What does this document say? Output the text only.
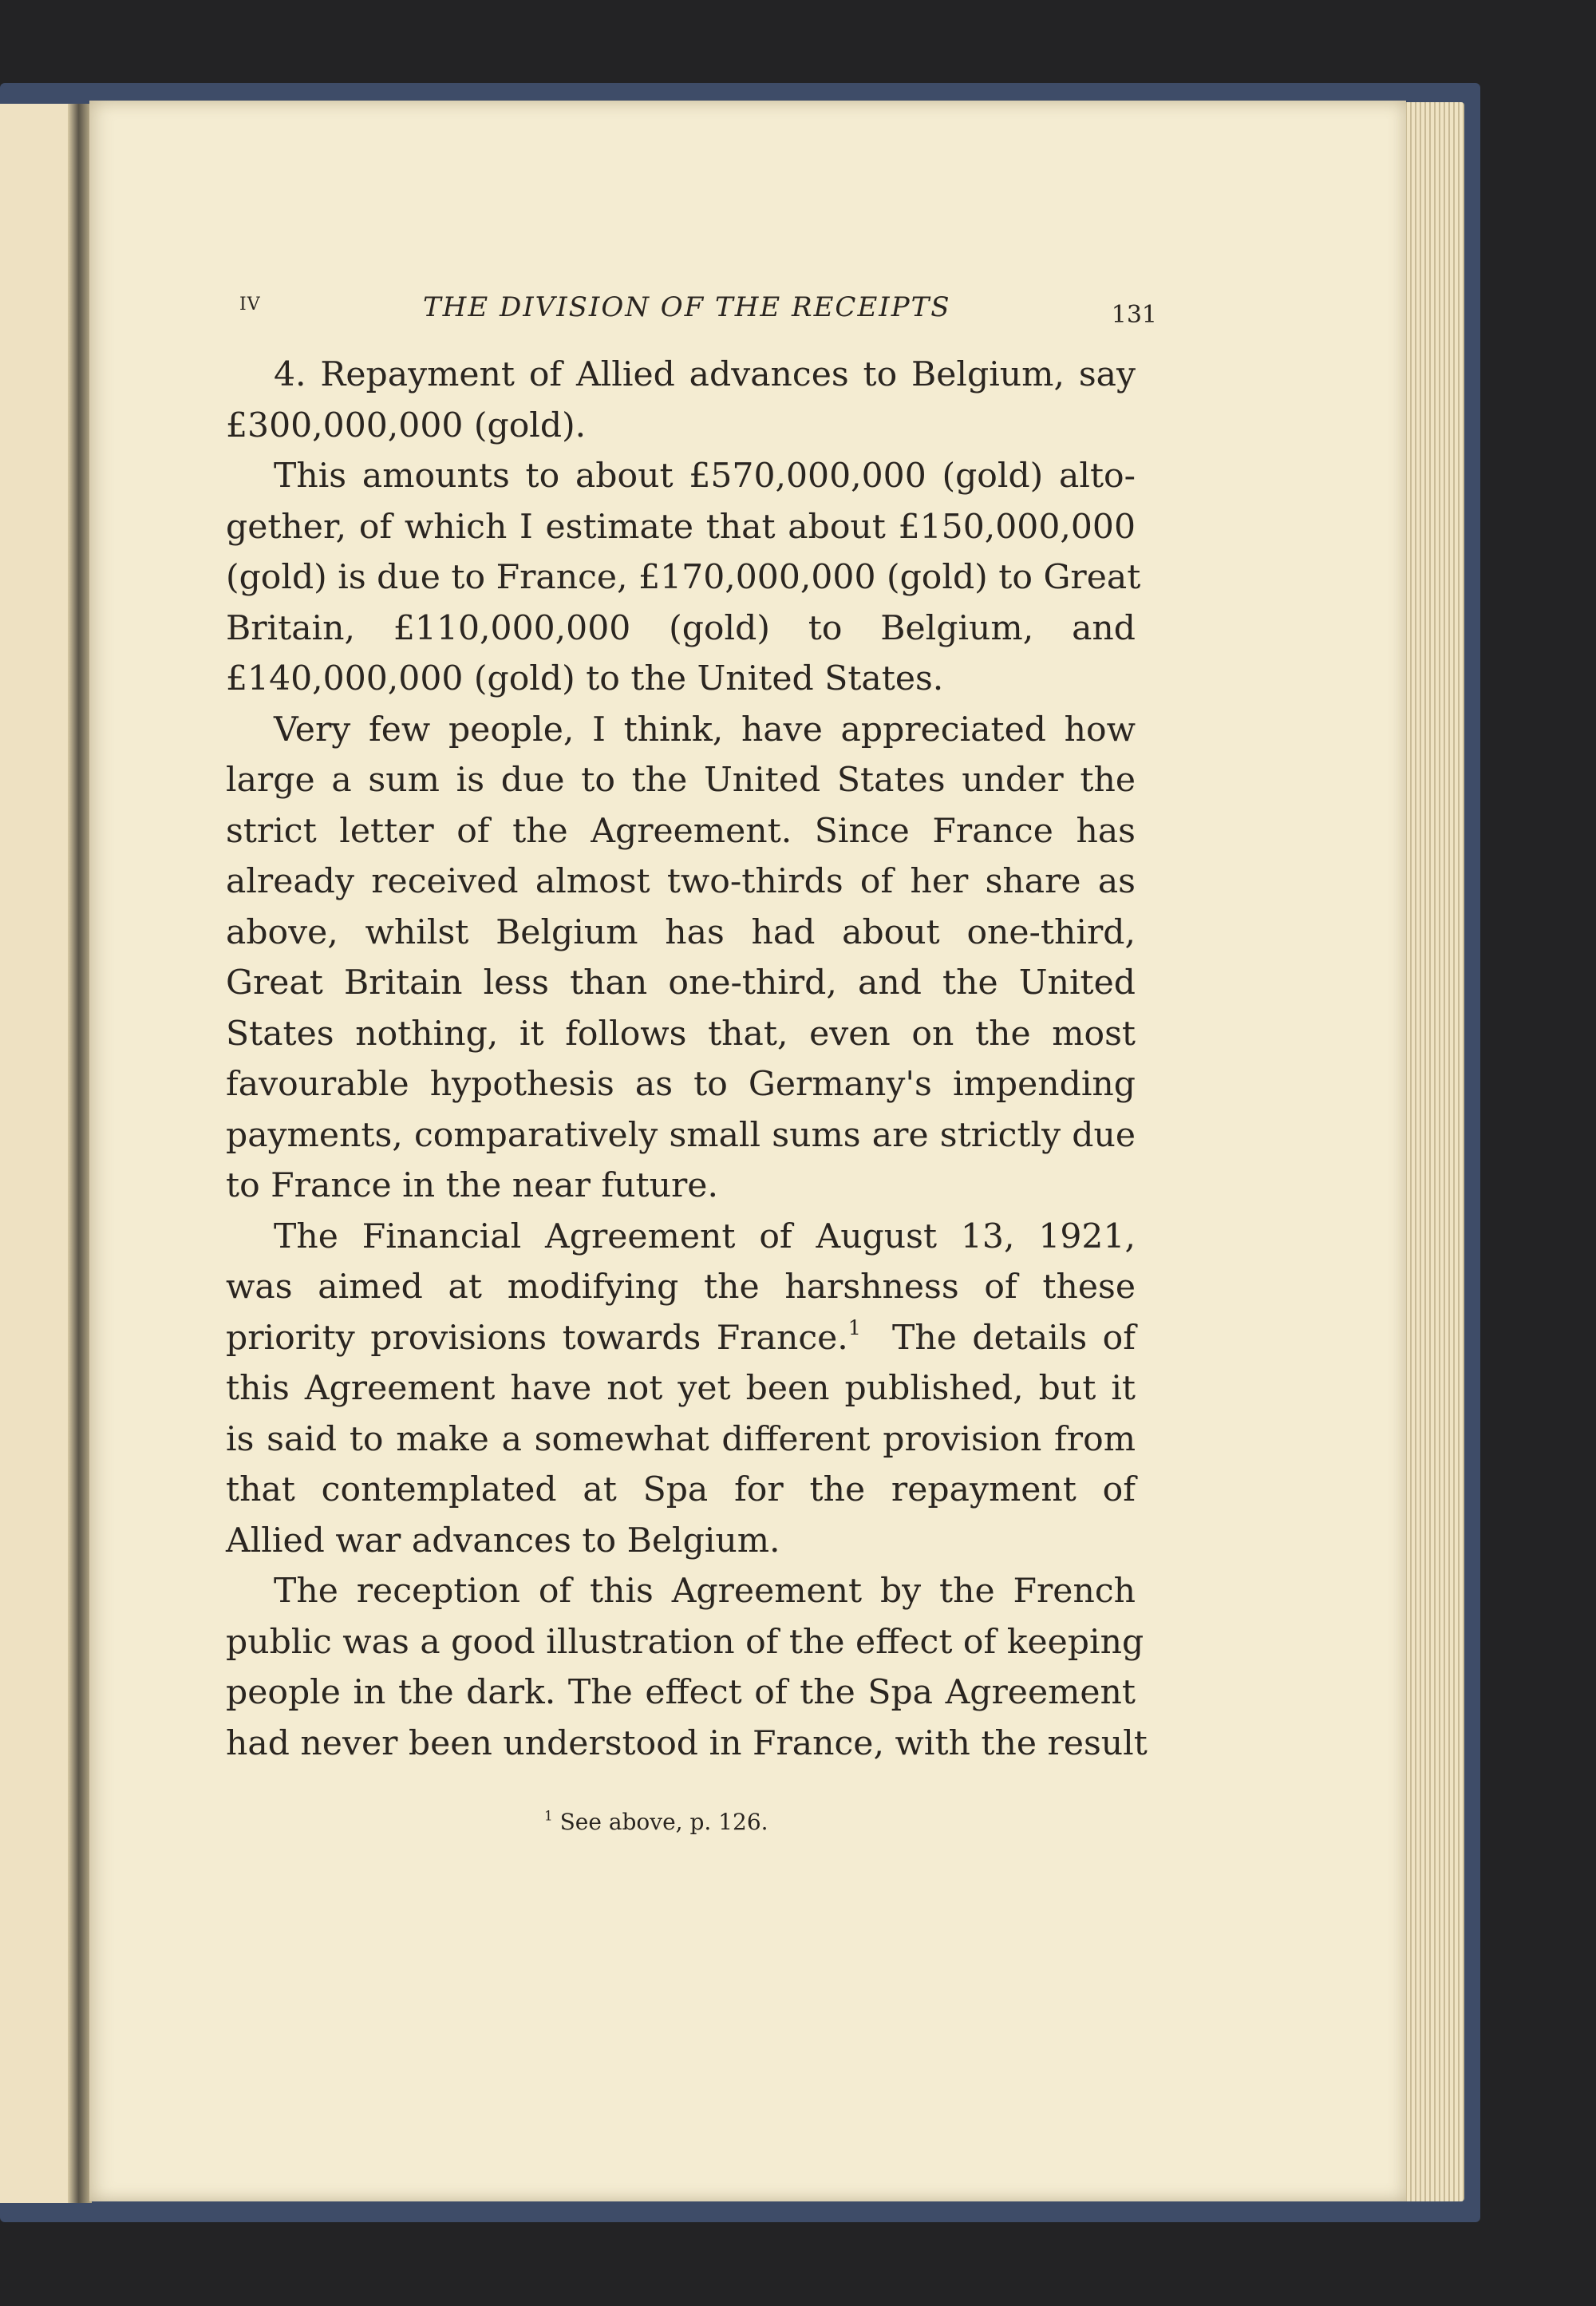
IV	THE DIVISION OF THE RECEIPTS	131
4. Repayment of Allied advances to Belgium, say
£300,000,000 (gold).
This amounts to about £570,000,000 (gold) alto-
gether, of which I estimate that about £150,000,000
(gold) is due to France, £170,000,000 (gold) to Great
Britain, £110,000,000 (gold) to Belgium, and
£140,000,000 (gold) to the United States.
Very few people, I think, have appreciated how
large a sum is due to the United States under the
strict letter of the Agreement. Since France has
already received almost two-thirds of her share as
above, whilst Belgium has had about one-third,
Great Britain less than one-third, and the United
States nothing, it follows that, even on the most
favourable hypothesis as to Germany's impending
payments, comparatively small sums are strictly due
to France in the near future.
The Financial Agreement of August 13, 1921,
was aimed at modifying the harshness of these
priority provisions towards France.$^1$ The details of
this Agreement have not yet been published, but it
is said to make a somewhat different provision from
that contemplated at Spa for the repayment of
Allied war advances to Belgium.
The reception of this Agreement by the French
public was a good illustration of the effect of keeping
people in the dark. The effect of the Spa Agreement
had never been understood in France, with the result
$^1$ See above, p. 126.
